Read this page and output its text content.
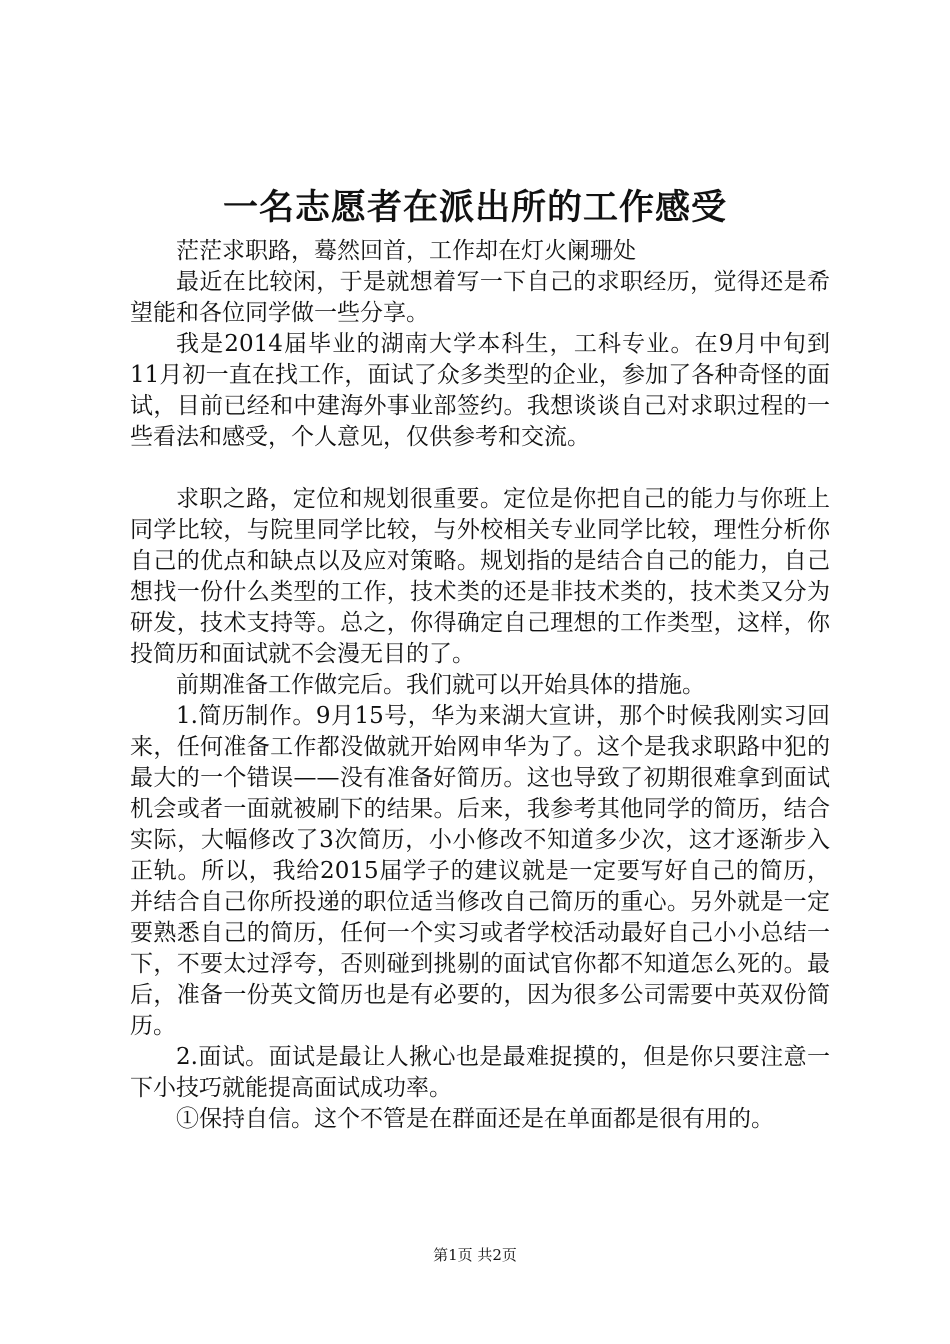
一名志愿者在派出所的工作感受

茫茫求职路，蓦然回首，工作却在灯火阑珊处

最近在比较闲，于是就想着写一下自己的求职经历，觉得还是希望能和各位同学做一些分享。

我是2014届毕业的湖南大学本科生，工科专业。在9月中旬到11月初一直在找工作，面试了众多类型的企业，参加了各种奇怪的面试，目前已经和中建海外事业部签约。我想谈谈自己对求职过程的一些看法和感受，个人意见，仅供参考和交流。

求职之路，定位和规划很重要。定位是你把自己的能力与你班上同学比较，与院里同学比较，与外校相关专业同学比较，理性分析你自己的优点和缺点以及应对策略。规划指的是结合自己的能力，自己想找一份什么类型的工作，技术类的还是非技术类的，技术类又分为研发，技术支持等。总之，你得确定自己理想的工作类型，这样，你投简历和面试就不会漫无目的了。

前期准备工作做完后。我们就可以开始具体的措施。

1.简历制作。9月15号，华为来湖大宣讲，那个时候我刚实习回来，任何准备工作都没做就开始网申华为了。这个是我求职路中犯的最大的一个错误——没有准备好简历。这也导致了初期很难拿到面试机会或者一面就被刷下的结果。后来，我参考其他同学的简历，结合实际，大幅修改了3次简历，小小修改不知道多少次，这才逐渐步入正轨。所以，我给2015届学子的建议就是一定要写好自己的简历，并结合自己你所投递的职位适当修改自己简历的重心。另外就是一定要熟悉自己的简历，任何一个实习或者学校活动最好自己小小总结一下，不要太过浮夸，否则碰到挑剔的面试官你都不知道怎么死的。最后，准备一份英文简历也是有必要的，因为很多公司需要中英双份简历。

2.面试。面试是最让人揪心也是最难捉摸的，但是你只要注意一下小技巧就能提高面试成功率。

①保持自信。这个不管是在群面还是在单面都是很有用的。

第1页 共2页
